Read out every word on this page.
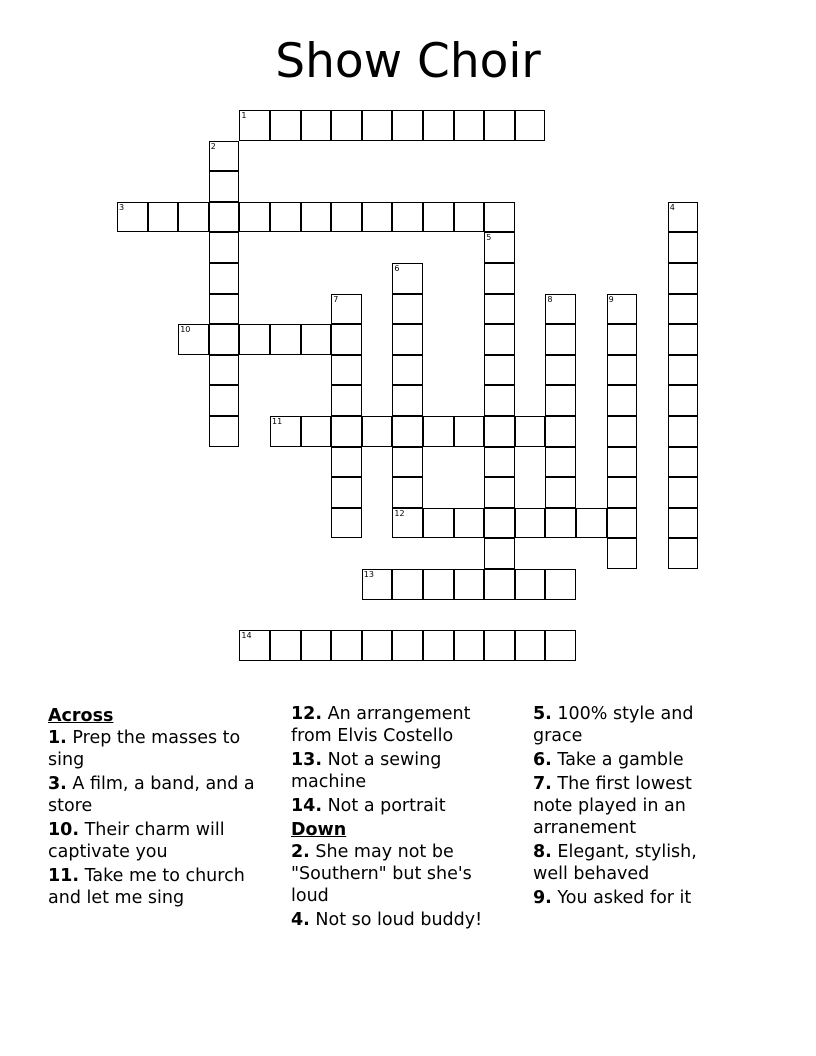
Show Choir
1
2
3	4
5
6
12
7	8	9
10
11
13
14
Across
1. Prep the masses to sing
3. A film, a band, and a store
10. Their charm will captivate you
11. Take me to church and let me sing
12. An arrangement from Elvis Costello
13. Not a sewing machine
14. Not a portrait
Down
2. She may not be "Southern" but she's loud
4. Not so loud buddy!
5. 100% style and grace
6. Take a gamble
7. The first lowest note played in an arranement
8. Elegant, stylish, well behaved
9. You asked for it
